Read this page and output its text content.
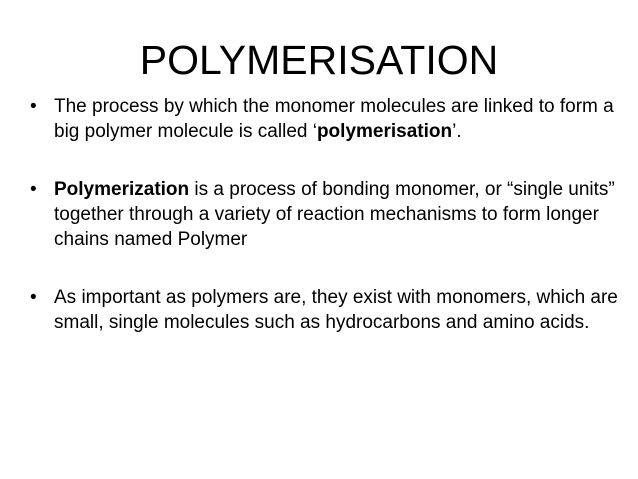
POLYMERISATION
• The process by which the monomer molecules are linked to form a big polymer molecule is called ‘polymerisation’.
• Polymerization is a process of bonding monomer, or “single units” together through a variety of reaction mechanisms to form longer chains named Polymer
• As important as polymers are, they exist with monomers, which are small, single molecules such as hydrocarbons and amino acids.
